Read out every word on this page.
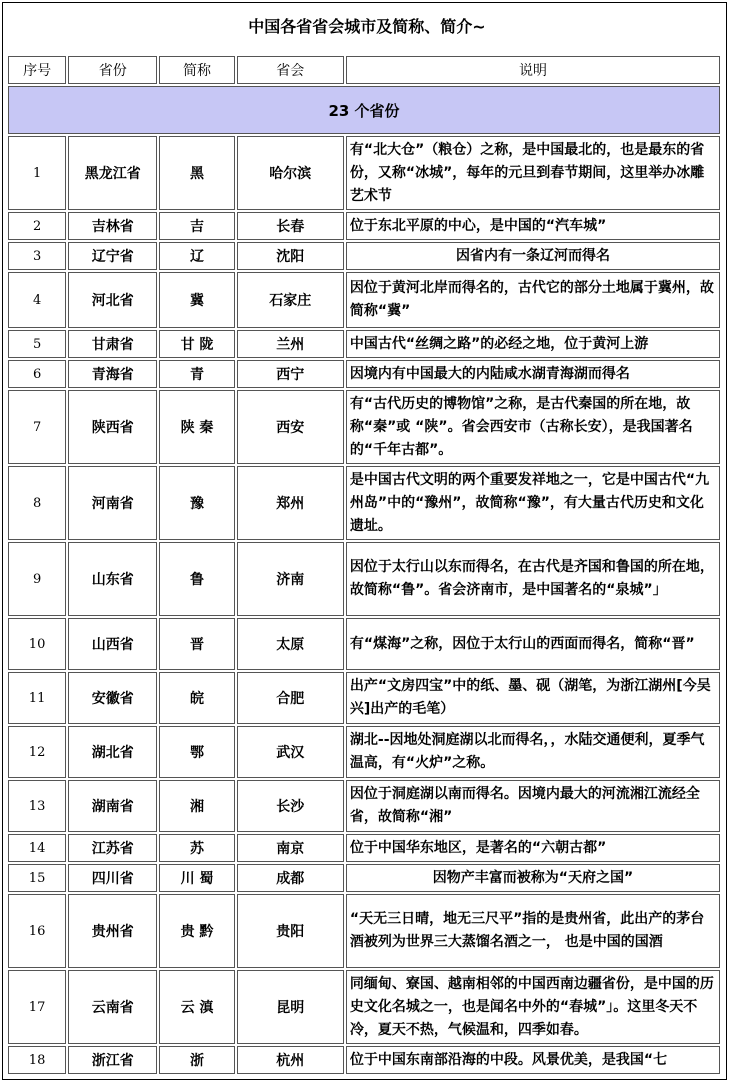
中国各省省会城市及简称、简介~
序号	省份	简称	省会	说明
23 个省份				
1	黑龙江省	黑	哈尔滨	有“北大仓”（粮仓）之称，是中国最北的，也是最东的省份，又称“冰城”，每年的元旦到春节期间，这里举办冰雕艺术节
2	吉林省	吉	长春	位于东北平原的中心，是中国的“汽车城”
3	辽宁省	辽	沈阳	因省内有一条辽河而得名
4	河北省	冀	石家庄	因位于黄河北岸而得名的，古代它的部分土地属于冀州，故简称“冀”
5	甘肃省	甘 陇	兰州	中国古代“丝绸之路”的必经之地，位于黄河上游
6	青海省	青	西宁	因境内有中国最大的内陆咸水湖青海湖而得名
7	陕西省	陕 秦	西安	有“古代历史的博物馆”之称，是古代秦国的所在地，故称“秦”或 “陕”。省会西安市（古称长安），是我国著名的“千年古都”。
8	河南省	豫	郑州	是中国古代文明的两个重要发祥地之一，它是中国古代“九州岛”中的“豫州”，故简称“豫”，有大量古代历史和文化遗址。
9	山东省	鲁	济南	因位于太行山以东而得名，在古代是齐国和鲁国的所在地，故简称“鲁”。省会济南市，是中国著名的“泉城”」
10	山西省	晋	太原	有“煤海”之称，因位于太行山的西面而得名，简称“晋”
11	安徽省	皖	合肥	出产“文房四宝”中的纸、墨、砚（湖笔，为浙江湖州[今吴兴]出产的毛笔）
12	湖北省	鄂	武汉	湖北--因地处洞庭湖以北而得名，，水陆交通便利，夏季气温高，有“火炉”之称。
13	湖南省	湘	长沙	因位于洞庭湖以南而得名。因境内最大的河流湘江流经全省，故简称“湘”
14	江苏省	苏	南京	位于中国华东地区，是著名的“六朝古都”
15	四川省	川 蜀	成都	因物产丰富而被称为“天府之国”
16	贵州省	贵 黔	贵阳	“天无三日晴，地无三尺平”指的是贵州省，此出产的茅台酒被列为世界三大蒸馏名酒之一， 也是中国的国酒
17	云南省	云 滇	昆明	同缅甸、寮国、越南相邻的中国西南边疆省份，是中国的历史文化名城之一，也是闻名中外的“春城”」。这里冬天不冷，夏天不热，气候温和，四季如春。
18	浙江省	浙	杭州	位于中国东南部沿海的中段。风景优美，是我国“七
